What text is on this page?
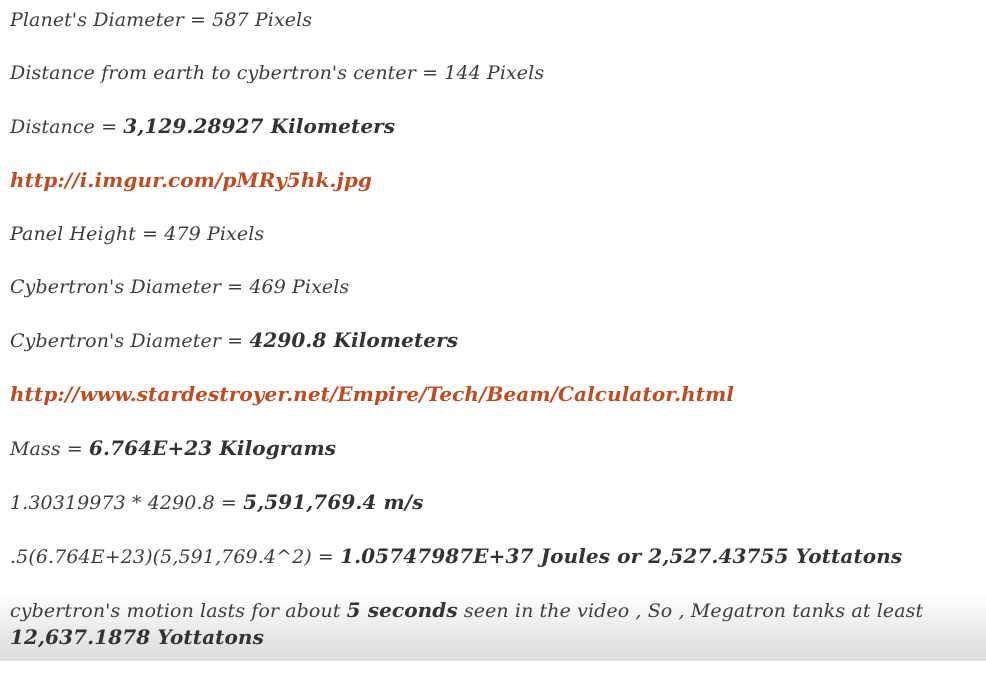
Planet's Diameter = 587 Pixels

Distance from earth to cybertron's center = 144 Pixels

Distance = 3,129.28927 Kilometers

http://i.imgur.com/pMRy5hk.jpg

Panel Height = 479 Pixels

Cybertron's Diameter = 469 Pixels

Cybertron's Diameter = 4290.8 Kilometers

http://www.stardestroyer.net/Empire/Tech/Beam/Calculator.html

Mass = 6.764E+23 Kilograms

1.30319973 * 4290.8 = 5,591,769.4 m/s

.5(6.764E+23)(5,591,769.4^2) = 1.05747987E+37 Joules or 2,527.43755 Yottatons

cybertron's motion lasts for about 5 seconds seen in the video , So , Megatron tanks at least 12,637.1878 Yottatons
